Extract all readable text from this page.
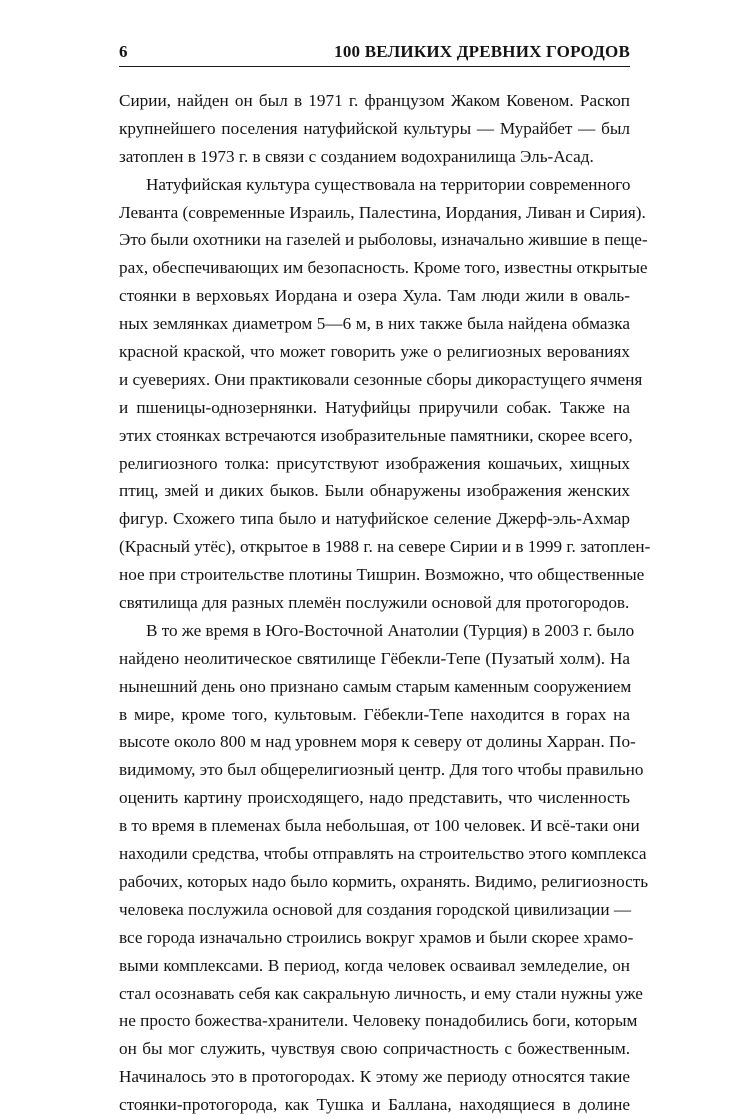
6	100 ВЕЛИКИХ ДРЕВНИХ ГОРОДОВ

Сирии, найден он был в 1971 г. французом Жаком Ковеном. Раскоп
крупнейшего поселения натуфийской культуры — Мурайбет — был
затоплен в 1973 г. в связи с созданием водохранилища Эль-Асад.

Натуфийская культура существовала на территории современного
Леванта (современные Израиль, Палестина, Иордания, Ливан и Сирия).
Это были охотники на газелей и рыболовы, изначально жившие в пеще-
рах, обеспечивающих им безопасность. Кроме того, известны открытые
стоянки в верховьях Иордана и озера Хула. Там люди жили в оваль-
ных землянках диаметром 5—6 м, в них также была найдена обмазка
красной краской, что может говорить уже о религиозных верованиях
и суевериях. Они практиковали сезонные сборы дикорастущего ячменя
и пшеницы-однозернянки. Натуфийцы приручили собак. Также на
этих стоянках встречаются изобразительные памятники, скорее всего,
религиозного толка: присутствуют изображения кошачьих, хищных
птиц, змей и диких быков. Были обнаружены изображения женских
фигур. Схожего типа было и натуфийское селение Джерф-эль-Ахмар
(Красный утёс), открытое в 1988 г. на севере Сирии и в 1999 г. затоплен-
ное при строительстве плотины Тишрин. Возможно, что общественные
святилища для разных племён послужили основой для протогородов.

В то же время в Юго-Восточной Анатолии (Турция) в 2003 г. было
найдено неолитическое святилище Гёбекли-Тепе (Пузатый холм). На
нынешний день оно признано самым старым каменным сооружением
в мире, кроме того, культовым. Гёбекли-Тепе находится в горах на
высоте около 800 м над уровнем моря к северу от долины Харран. По-
видимому, это был общерелигиозный центр. Для того чтобы правильно
оценить картину происходящего, надо представить, что численность
в то время в племенах была небольшая, от 100 человек. И всё-таки они
находили средства, чтобы отправлять на строительство этого комплекса
рабочих, которых надо было кормить, охранять. Видимо, религиозность
человека послужила основой для создания городской цивилизации —
все города изначально строились вокруг храмов и были скорее храмо-
выми комплексами. В период, когда человек осваивал земледелие, он
стал осознавать себя как сакральную личность, и ему стали нужны уже
не просто божества-хранители. Человеку понадобились боги, которым
он бы мог служить, чувствуя свою сопричастность с божественным.
Начиналось это в протогородах. К этому же периоду относятся такие
стоянки-протогорода, как Тушка и Баллана, находящиеся в долине
